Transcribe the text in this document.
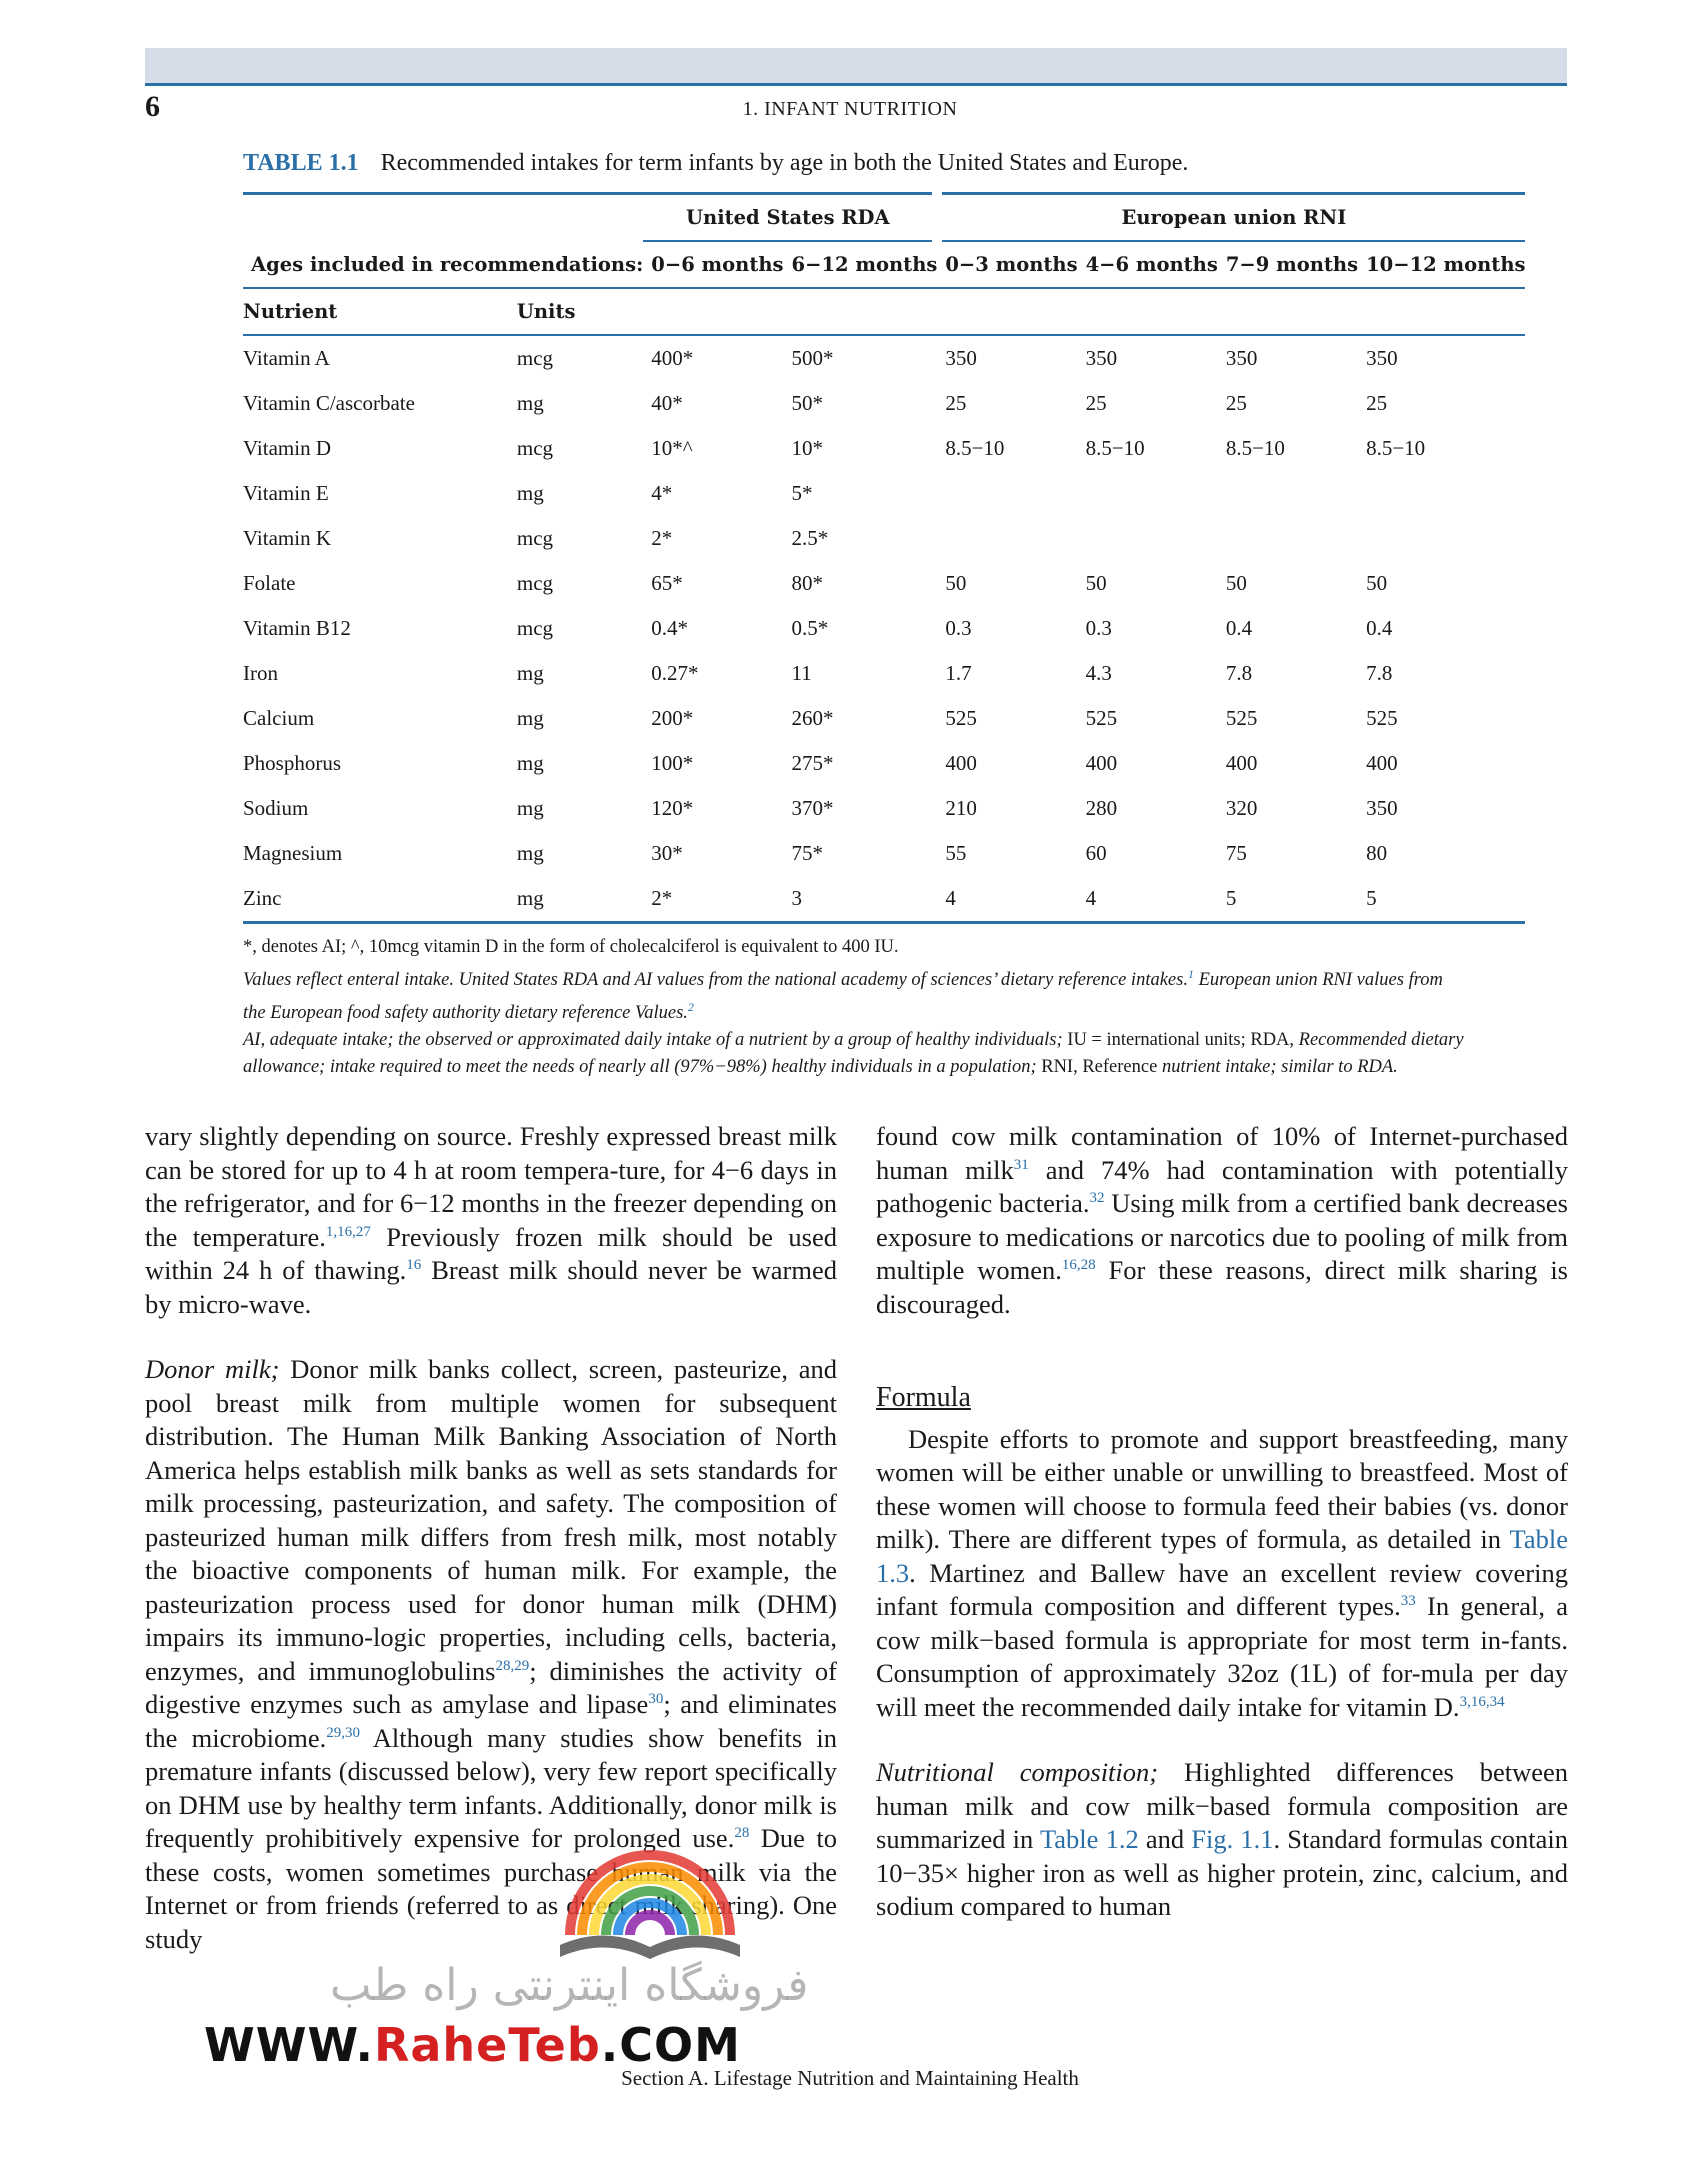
6	1. INFANT NUTRITION
TABLE 1.1 Recommended intakes for term infants by age in both the United States and Europe.
		United States RDA		European union RNI			
Ages included in recommendations:		0−6 months	6−12 months	0−3 months	4−6 months	7−9 months	10−12 months
Nutrient	Units						
Vitamin A	mcg	400*	500*	350	350	350	350
Vitamin C/ascorbate	mg	40*	50*	25	25	25	25
Vitamin D	mcg	10*^	10*	8.5−10	8.5−10	8.5−10	8.5−10
Vitamin E	mg	4*	5*				
Vitamin K	mcg	2*	2.5*				
Folate	mcg	65*	80*	50	50	50	50
Vitamin B12	mcg	0.4*	0.5*	0.3	0.3	0.4	0.4
Iron	mg	0.27*	11	1.7	4.3	7.8	7.8
Calcium	mg	200*	260*	525	525	525	525
Phosphorus	mg	100*	275*	400	400	400	400
Sodium	mg	120*	370*	210	280	320	350
Magnesium	mg	30*	75*	55	60	75	80
Zinc	mg	2*	3	4	4	5	5

*, denotes AI; ^, 10mcg vitamin D in the form of cholecalciferol is equivalent to 400 IU.

Values reflect enteral intake. United States RDA and AI values from the national academy of sciences’ dietary reference intakes.$^1$ European union RNI values from the European food safety authority dietary reference Values.$^2$

AI, adequate intake; the observed or approximated daily intake of a nutrient by a group of healthy individuals; IU = international units; RDA, Recommended dietary allowance; intake required to meet the needs of nearly all (97%−98%) healthy individuals in a population; RNI, Reference nutrient intake; similar to RDA.

vary slightly depending on source. Freshly expressed breast milk can be stored for up to 4 h at room tempera-ture, for 4−6 days in the refrigerator, and for 6−12 months in the freezer depending on the temperature.$^{1,16,27}$ Previously frozen milk should be used within 24 h of thawing.$^{16}$ Breast milk should never be warmed by micro-wave.

Donor milk; Donor milk banks collect, screen, pasteurize, and pool breast milk from multiple women for subsequent distribution. The Human Milk Banking Association of North America helps establish milk banks as well as sets standards for milk processing, pasteurization, and safety. The composition of pasteurized human milk differs from fresh milk, most notably the bioactive components of human milk. For example, the pasteurization process used for donor human milk (DHM) impairs its immuno-logic properties, including cells, bacteria, enzymes, and immunoglobulins$^{28,29}$; diminishes the activity of digestive enzymes such as amylase and lipase$^{30}$; and eliminates the microbiome.$^{29,30}$ Although many studies show benefits in premature infants (discussed below), very few report specifically on DHM use by healthy term infants. Additionally, donor milk is frequently prohibitively expensive for prolonged use.$^{28}$ Due to these costs, women sometimes purchase human milk via the Internet or from friends (referred to as direct milk sharing). One study

found cow milk contamination of 10% of Internet-purchased human milk$^{31}$ and 74% had contamination with potentially pathogenic bacteria.$^{32}$ Using milk from a certified bank decreases exposure to medications or narcotics due to pooling of milk from multiple women.$^{16,28}$ For these reasons, direct milk sharing is discouraged.

Formula

Despite efforts to promote and support breastfeeding, many women will be either unable or unwilling to breastfeed. Most of these women will choose to formula feed their babies (vs. donor milk). There are different types of formula, as detailed in Table 1.3. Martinez and Ballew have an excellent review covering infant formula composition and different types.$^{33}$ In general, a cow milk−based formula is appropriate for most term in-fants. Consumption of approximately 32oz (1L) of for-mula per day will meet the recommended daily intake for vitamin D.$^{3,16,34}$

Nutritional composition; Highlighted differences between human milk and cow milk−based formula composition are summarized in Table 1.2 and Fig. 1.1. Standard formulas contain 10−35× higher iron as well as higher protein, zinc, calcium, and sodium compared to human

فروشگاه اینترنتی راه طب
WWW.RaheTeb.COM
Section A. Lifestage Nutrition and Maintaining Health
